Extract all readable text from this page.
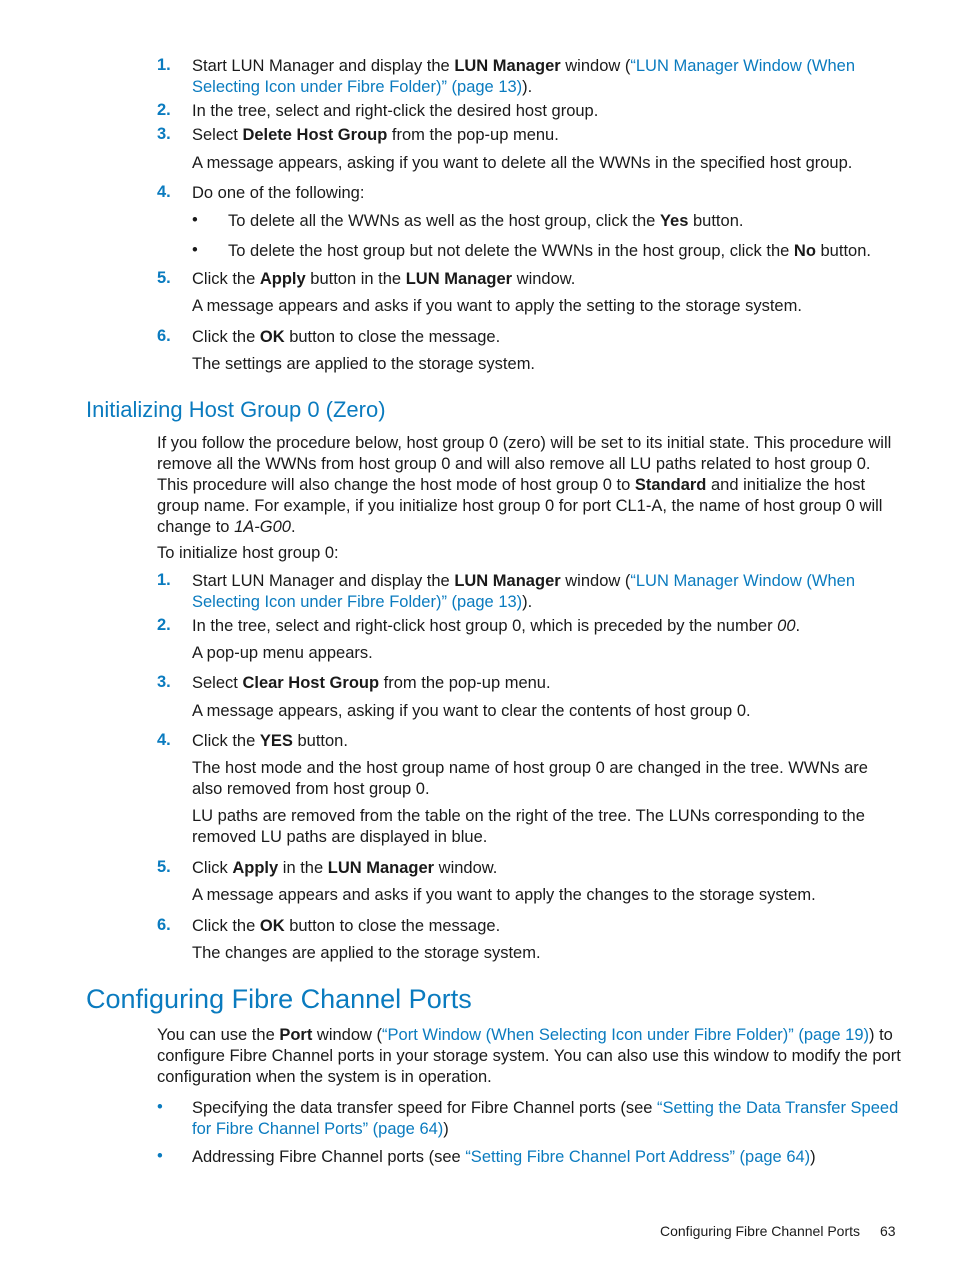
1. Start LUN Manager and display the LUN Manager window (“LUN Manager Window (When Selecting Icon under Fibre Folder)” (page 13)).
2. In the tree, select and right-click the desired host group.
3. Select Delete Host Group from the pop-up menu.
A message appears, asking if you want to delete all the WWNs in the specified host group.
4. Do one of the following:
• To delete all the WWNs as well as the host group, click the Yes button.
• To delete the host group but not delete the WWNs in the host group, click the No button.
5. Click the Apply button in the LUN Manager window.
A message appears and asks if you want to apply the setting to the storage system.
6. Click the OK button to close the message.
The settings are applied to the storage system.
Initializing Host Group 0 (Zero)
If you follow the procedure below, host group 0 (zero) will be set to its initial state. This procedure will remove all the WWNs from host group 0 and will also remove all LU paths related to host group 0. This procedure will also change the host mode of host group 0 to Standard and initialize the host group name. For example, if you initialize host group 0 for port CL1-A, the name of host group 0 will change to 1A-G00.
To initialize host group 0:
1. Start LUN Manager and display the LUN Manager window (“LUN Manager Window (When Selecting Icon under Fibre Folder)” (page 13)).
2. In the tree, select and right-click host group 0, which is preceded by the number 00.
A pop-up menu appears.
3. Select Clear Host Group from the pop-up menu.
A message appears, asking if you want to clear the contents of host group 0.
4. Click the YES button.
The host mode and the host group name of host group 0 are changed in the tree. WWNs are also removed from host group 0.
LU paths are removed from the table on the right of the tree. The LUNs corresponding to the removed LU paths are displayed in blue.
5. Click Apply in the LUN Manager window.
A message appears and asks if you want to apply the changes to the storage system.
6. Click the OK button to close the message.
The changes are applied to the storage system.
Configuring Fibre Channel Ports
You can use the Port window (“Port Window (When Selecting Icon under Fibre Folder)” (page 19)) to configure Fibre Channel ports in your storage system. You can also use this window to modify the port configuration when the system is in operation.
• Specifying the data transfer speed for Fibre Channel ports (see “Setting the Data Transfer Speed for Fibre Channel Ports” (page 64))
• Addressing Fibre Channel ports (see “Setting Fibre Channel Port Address” (page 64))
Configuring Fibre Channel Ports 63
